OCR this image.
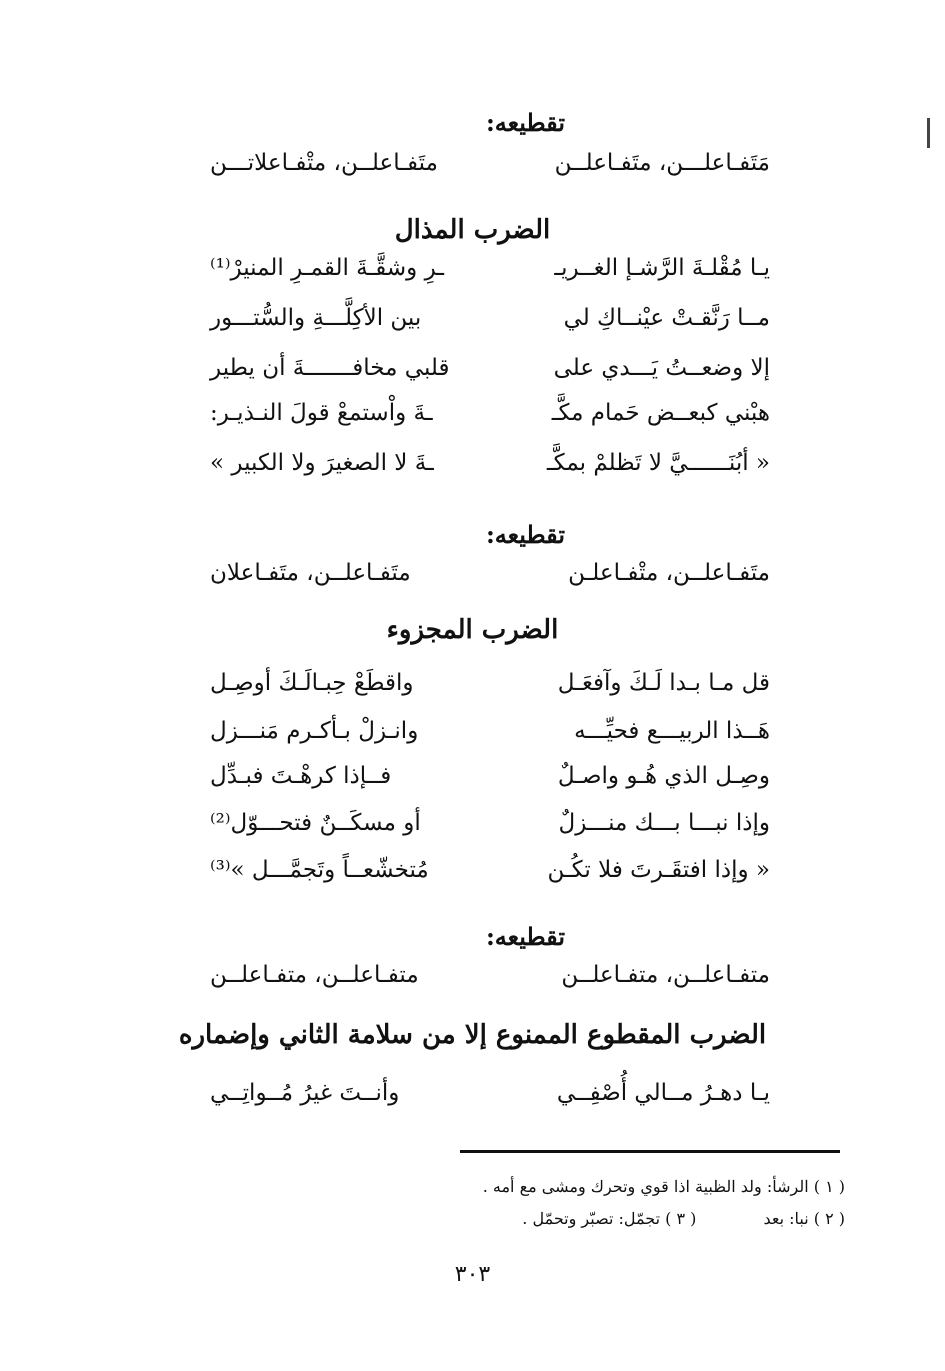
تقطيعه:
مَتَفـاعلـــن، متَفـاعلــن
متَفـاعلــن، متْفـاعلاتـــن
الضرب المذال
يـا مُقْلـةَ الرَّشـإ الغــريـ
ـرِ وشقَّـةَ القمـرِ المنيرْ⁽¹⁾
مــا رَنَّقـتْ عيْنــاكِ لي
بين الأكِلَّـــةِ والسُّتـــور
إلا وضعــتُ يَـــدي على
قلبي مخافـــــــةَ أن يطير
هبْني كبعــض حَمام مكَّـ
ـةَ واْستمعْ قولَ النـذيـر:
« أبُنَــــــيَّ لا تَظلمْ بمكَّـ
ـةَ لا الصغيرَ ولا الكبير »
تقطيعه:
متَفـاعلــن، متْفـاعلـن
متَفـاعلــن، متَفـاعلان
الضرب المجزوء
قل مـا بـدا لَـكَ وآفعَـل
واقطَعْ حِبـالَـكَ أوصِـل
هَــذا الربيـــع فحيِّـــه
وانـزلْ بـأكـرم مَنـــزل
وصِـل الذي هُـو واصـلٌ
فــإذا كرهْـتَ فبـدِّل
وإذا نبـــا بـــك منـــزلٌ
أو مسكَــنٌ فتحـــوّل⁽²⁾
« وإذا افتقَـرتَ فلا تكُـن
مُتخشّعــاً وتَجمَّـــل »⁽³⁾
تقطيعه:
متفـاعلــن، متفـاعلــن
متفـاعلــن، متفـاعلــن
الضرب المقطوع الممنوع إلا من سلامة الثاني وإضماره
يـا دهـرُ مــالي أُصْفِــي
وأنــتَ غيرُ مُــواتِــي
( ١ ) الرشأ: ولد الظبية اذا قوي وتحرك ومشى مع أمه .
( ٢ ) نبا: بعد ( ٣ ) تجمّل: تصبّر وتحمّل .
٣٠٣
